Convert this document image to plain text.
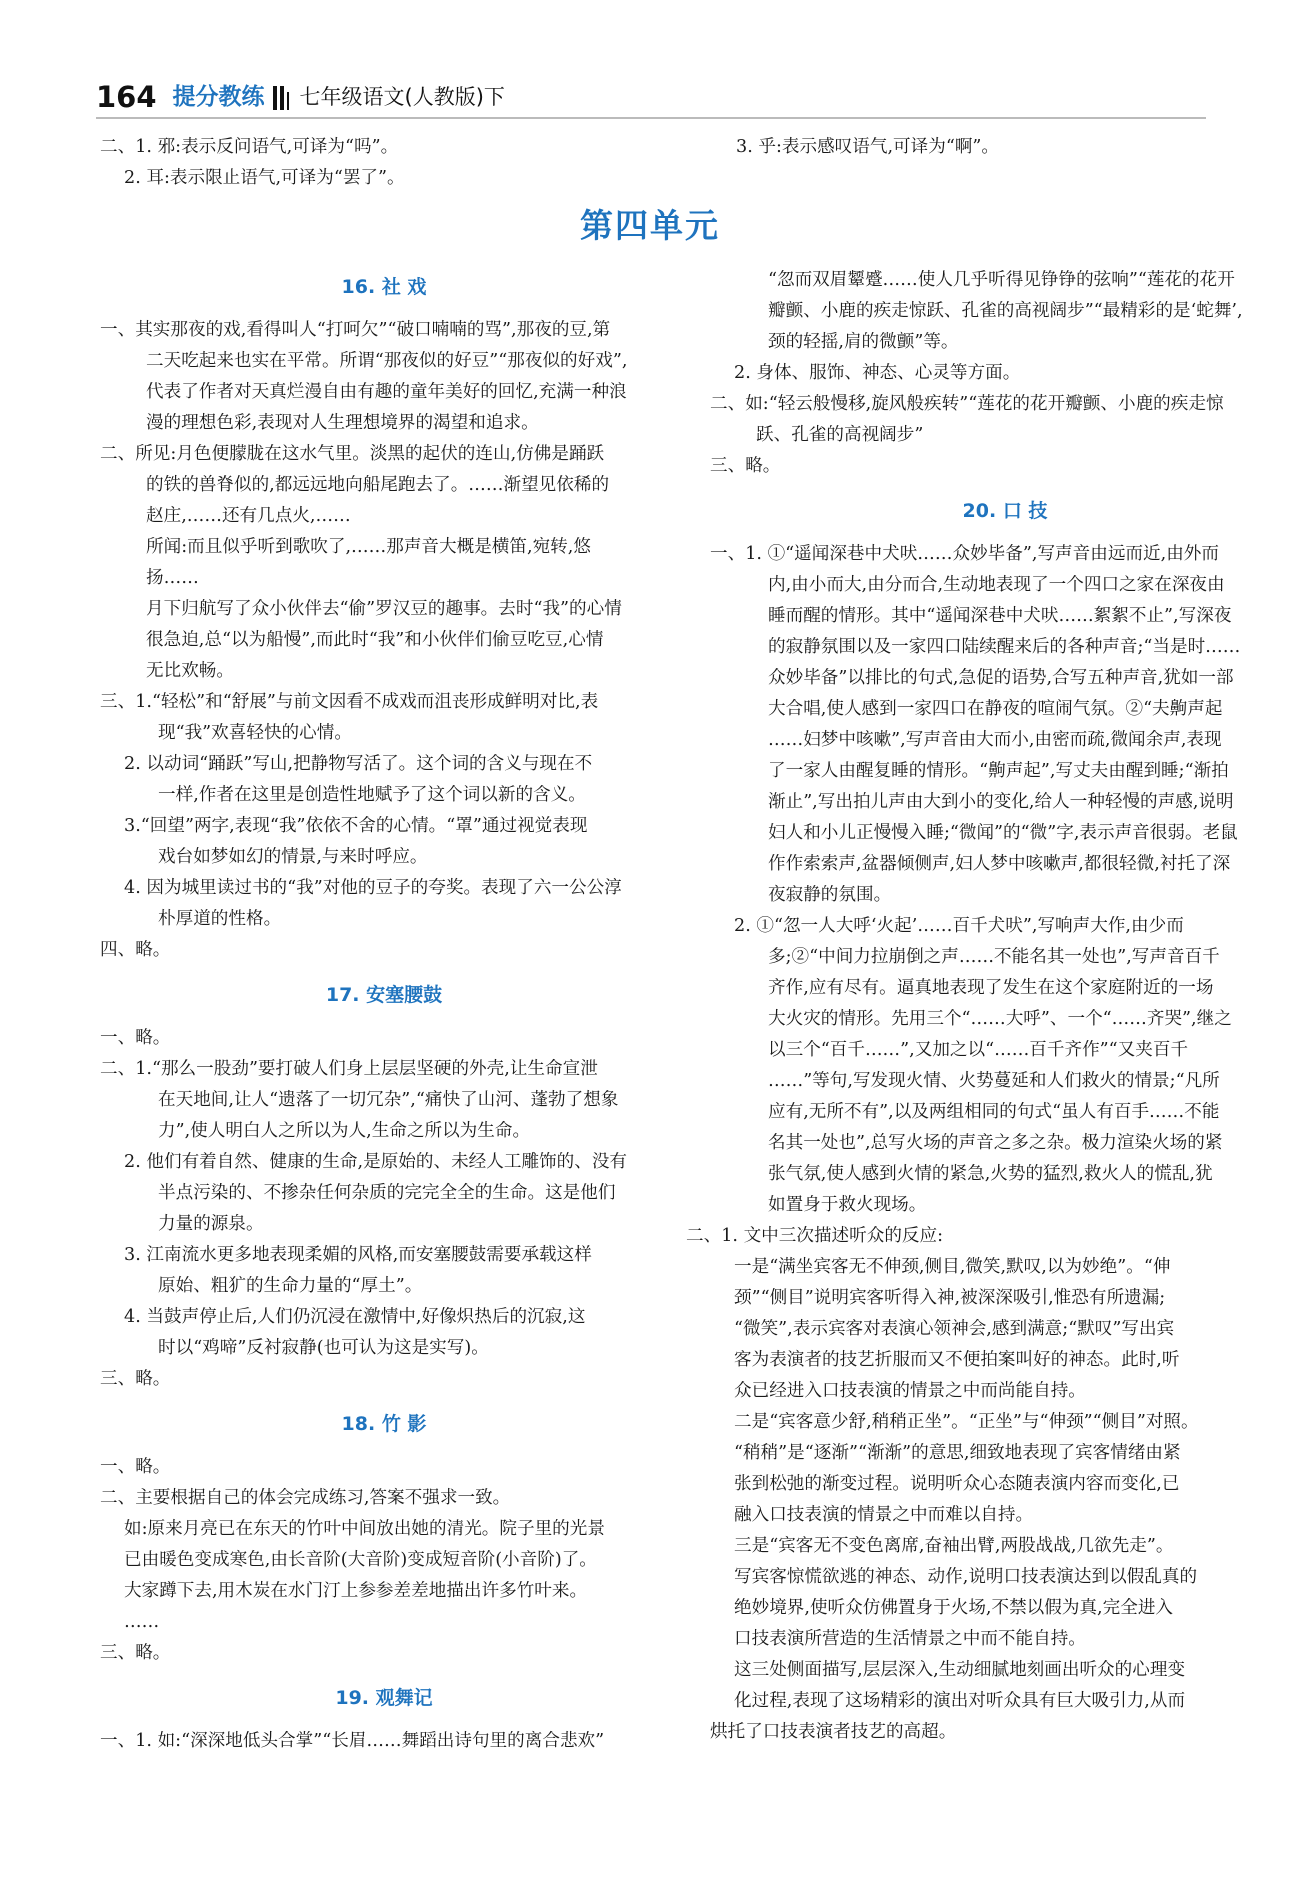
164 提分教练 七年级语文(人教版)下
二、1. 邪:表示反问语气,可译为“吗”。
2. 耳:表示限止语气,可译为“罢了”。
3. 乎:表示感叹语气,可译为“啊”。
第四单元
16. 社 戏
一、其实那夜的戏,看得叫人“打呵欠”“破口喃喃的骂”,那夜的豆,第
二天吃起来也实在平常。所谓“那夜似的好豆”“那夜似的好戏”,
代表了作者对天真烂漫自由有趣的童年美好的回忆,充满一种浪
漫的理想色彩,表现对人生理想境界的渴望和追求。
二、所见:月色便朦胧在这水气里。淡黑的起伏的连山,仿佛是踊跃
的铁的兽脊似的,都远远地向船尾跑去了。……渐望见依稀的
赵庄,……还有几点火,……
所闻:而且似乎听到歌吹了,……那声音大概是横笛,宛转,悠
扬……
月下归航写了众小伙伴去“偷”罗汉豆的趣事。去时“我”的心情
很急迫,总“以为船慢”,而此时“我”和小伙伴们偷豆吃豆,心情
无比欢畅。
三、1.“轻松”和“舒展”与前文因看不成戏而沮丧形成鲜明对比,表
现“我”欢喜轻快的心情。
2. 以动词“踊跃”写山,把静物写活了。这个词的含义与现在不
一样,作者在这里是创造性地赋予了这个词以新的含义。
3.“回望”两字,表现“我”依依不舍的心情。“罩”通过视觉表现
戏台如梦如幻的情景,与来时呼应。
4. 因为城里读过书的“我”对他的豆子的夸奖。表现了六一公公淳
朴厚道的性格。
四、略。
17. 安塞腰鼓
一、略。
二、1.“那么一股劲”要打破人们身上层层坚硬的外壳,让生命宣泄
在天地间,让人“遗落了一切冗杂”,“痛快了山河、蓬勃了想象
力”,使人明白人之所以为人,生命之所以为生命。
2. 他们有着自然、健康的生命,是原始的、未经人工雕饰的、没有
半点污染的、不掺杂任何杂质的完完全全的生命。这是他们
力量的源泉。
3. 江南流水更多地表现柔媚的风格,而安塞腰鼓需要承载这样
原始、粗犷的生命力量的“厚土”。
4. 当鼓声停止后,人们仍沉浸在激情中,好像炽热后的沉寂,这
时以“鸡啼”反衬寂静(也可认为这是实写)。
三、略。
18. 竹 影
一、略。
二、主要根据自己的体会完成练习,答案不强求一致。
如:原来月亮已在东天的竹叶中间放出她的清光。院子里的光景
已由暖色变成寒色,由长音阶(大音阶)变成短音阶(小音阶)了。
大家蹲下去,用木炭在水门汀上参参差差地描出许多竹叶来。
……
三、略。
19. 观舞记
一、1. 如:“深深地低头合掌”“长眉……舞蹈出诗句里的离合悲欢”
“忽而双眉颦蹙……使人几乎听得见铮铮的弦响”“莲花的花开
瓣颤、小鹿的疾走惊跃、孔雀的高视阔步”“最精彩的是‘蛇舞’,
颈的轻摇,肩的微颤”等。
2. 身体、服饰、神态、心灵等方面。
二、如:“轻云般慢移,旋风般疾转”“莲花的花开瓣颤、小鹿的疾走惊
跃、孔雀的高视阔步”
三、略。
20. 口 技
一、1. ①“遥闻深巷中犬吠……众妙毕备”,写声音由远而近,由外而
内,由小而大,由分而合,生动地表现了一个四口之家在深夜由
睡而醒的情形。其中“遥闻深巷中犬吠……絮絮不止”,写深夜
的寂静氛围以及一家四口陆续醒来后的各种声音;“当是时……
众妙毕备”以排比的句式,急促的语势,合写五种声音,犹如一部
大合唱,使人感到一家四口在静夜的喧闹气氛。②“夫齁声起
……妇梦中咳嗽”,写声音由大而小,由密而疏,微闻余声,表现
了一家人由醒复睡的情形。“齁声起”,写丈夫由醒到睡;“渐拍
渐止”,写出拍儿声由大到小的变化,给人一种轻慢的声感,说明
妇人和小儿正慢慢入睡;“微闻”的“微”字,表示声音很弱。老鼠
作作索索声,盆器倾侧声,妇人梦中咳嗽声,都很轻微,衬托了深
夜寂静的氛围。
2. ①“忽一人大呼‘火起’……百千犬吠”,写响声大作,由少而
多;②“中间力拉崩倒之声……不能名其一处也”,写声音百千
齐作,应有尽有。逼真地表现了发生在这个家庭附近的一场
大火灾的情形。先用三个“……大呼”、一个“……齐哭”,继之
以三个“百千……”,又加之以“……百千齐作”“又夹百千
……”等句,写发现火情、火势蔓延和人们救火的情景;“凡所
应有,无所不有”,以及两组相同的句式“虽人有百手……不能
名其一处也”,总写火场的声音之多之杂。极力渲染火场的紧
张气氛,使人感到火情的紧急,火势的猛烈,救火人的慌乱,犹
如置身于救火现场。
二、1. 文中三次描述听众的反应:
一是“满坐宾客无不伸颈,侧目,微笑,默叹,以为妙绝”。“伸
颈”“侧目”说明宾客听得入神,被深深吸引,惟恐有所遗漏;
“微笑”,表示宾客对表演心领神会,感到满意;“默叹”写出宾
客为表演者的技艺折服而又不便拍案叫好的神态。此时,听
众已经进入口技表演的情景之中而尚能自持。
二是“宾客意少舒,稍稍正坐”。“正坐”与“伸颈”“侧目”对照。
“稍稍”是“逐渐”“渐渐”的意思,细致地表现了宾客情绪由紧
张到松弛的渐变过程。说明听众心态随表演内容而变化,已
融入口技表演的情景之中而难以自持。
三是“宾客无不变色离席,奋袖出臂,两股战战,几欲先走”。
写宾客惊慌欲逃的神态、动作,说明口技表演达到以假乱真的
绝妙境界,使听众仿佛置身于火场,不禁以假为真,完全进入
口技表演所营造的生活情景之中而不能自持。
这三处侧面描写,层层深入,生动细腻地刻画出听众的心理变
化过程,表现了这场精彩的演出对听众具有巨大吸引力,从而
烘托了口技表演者技艺的高超。
